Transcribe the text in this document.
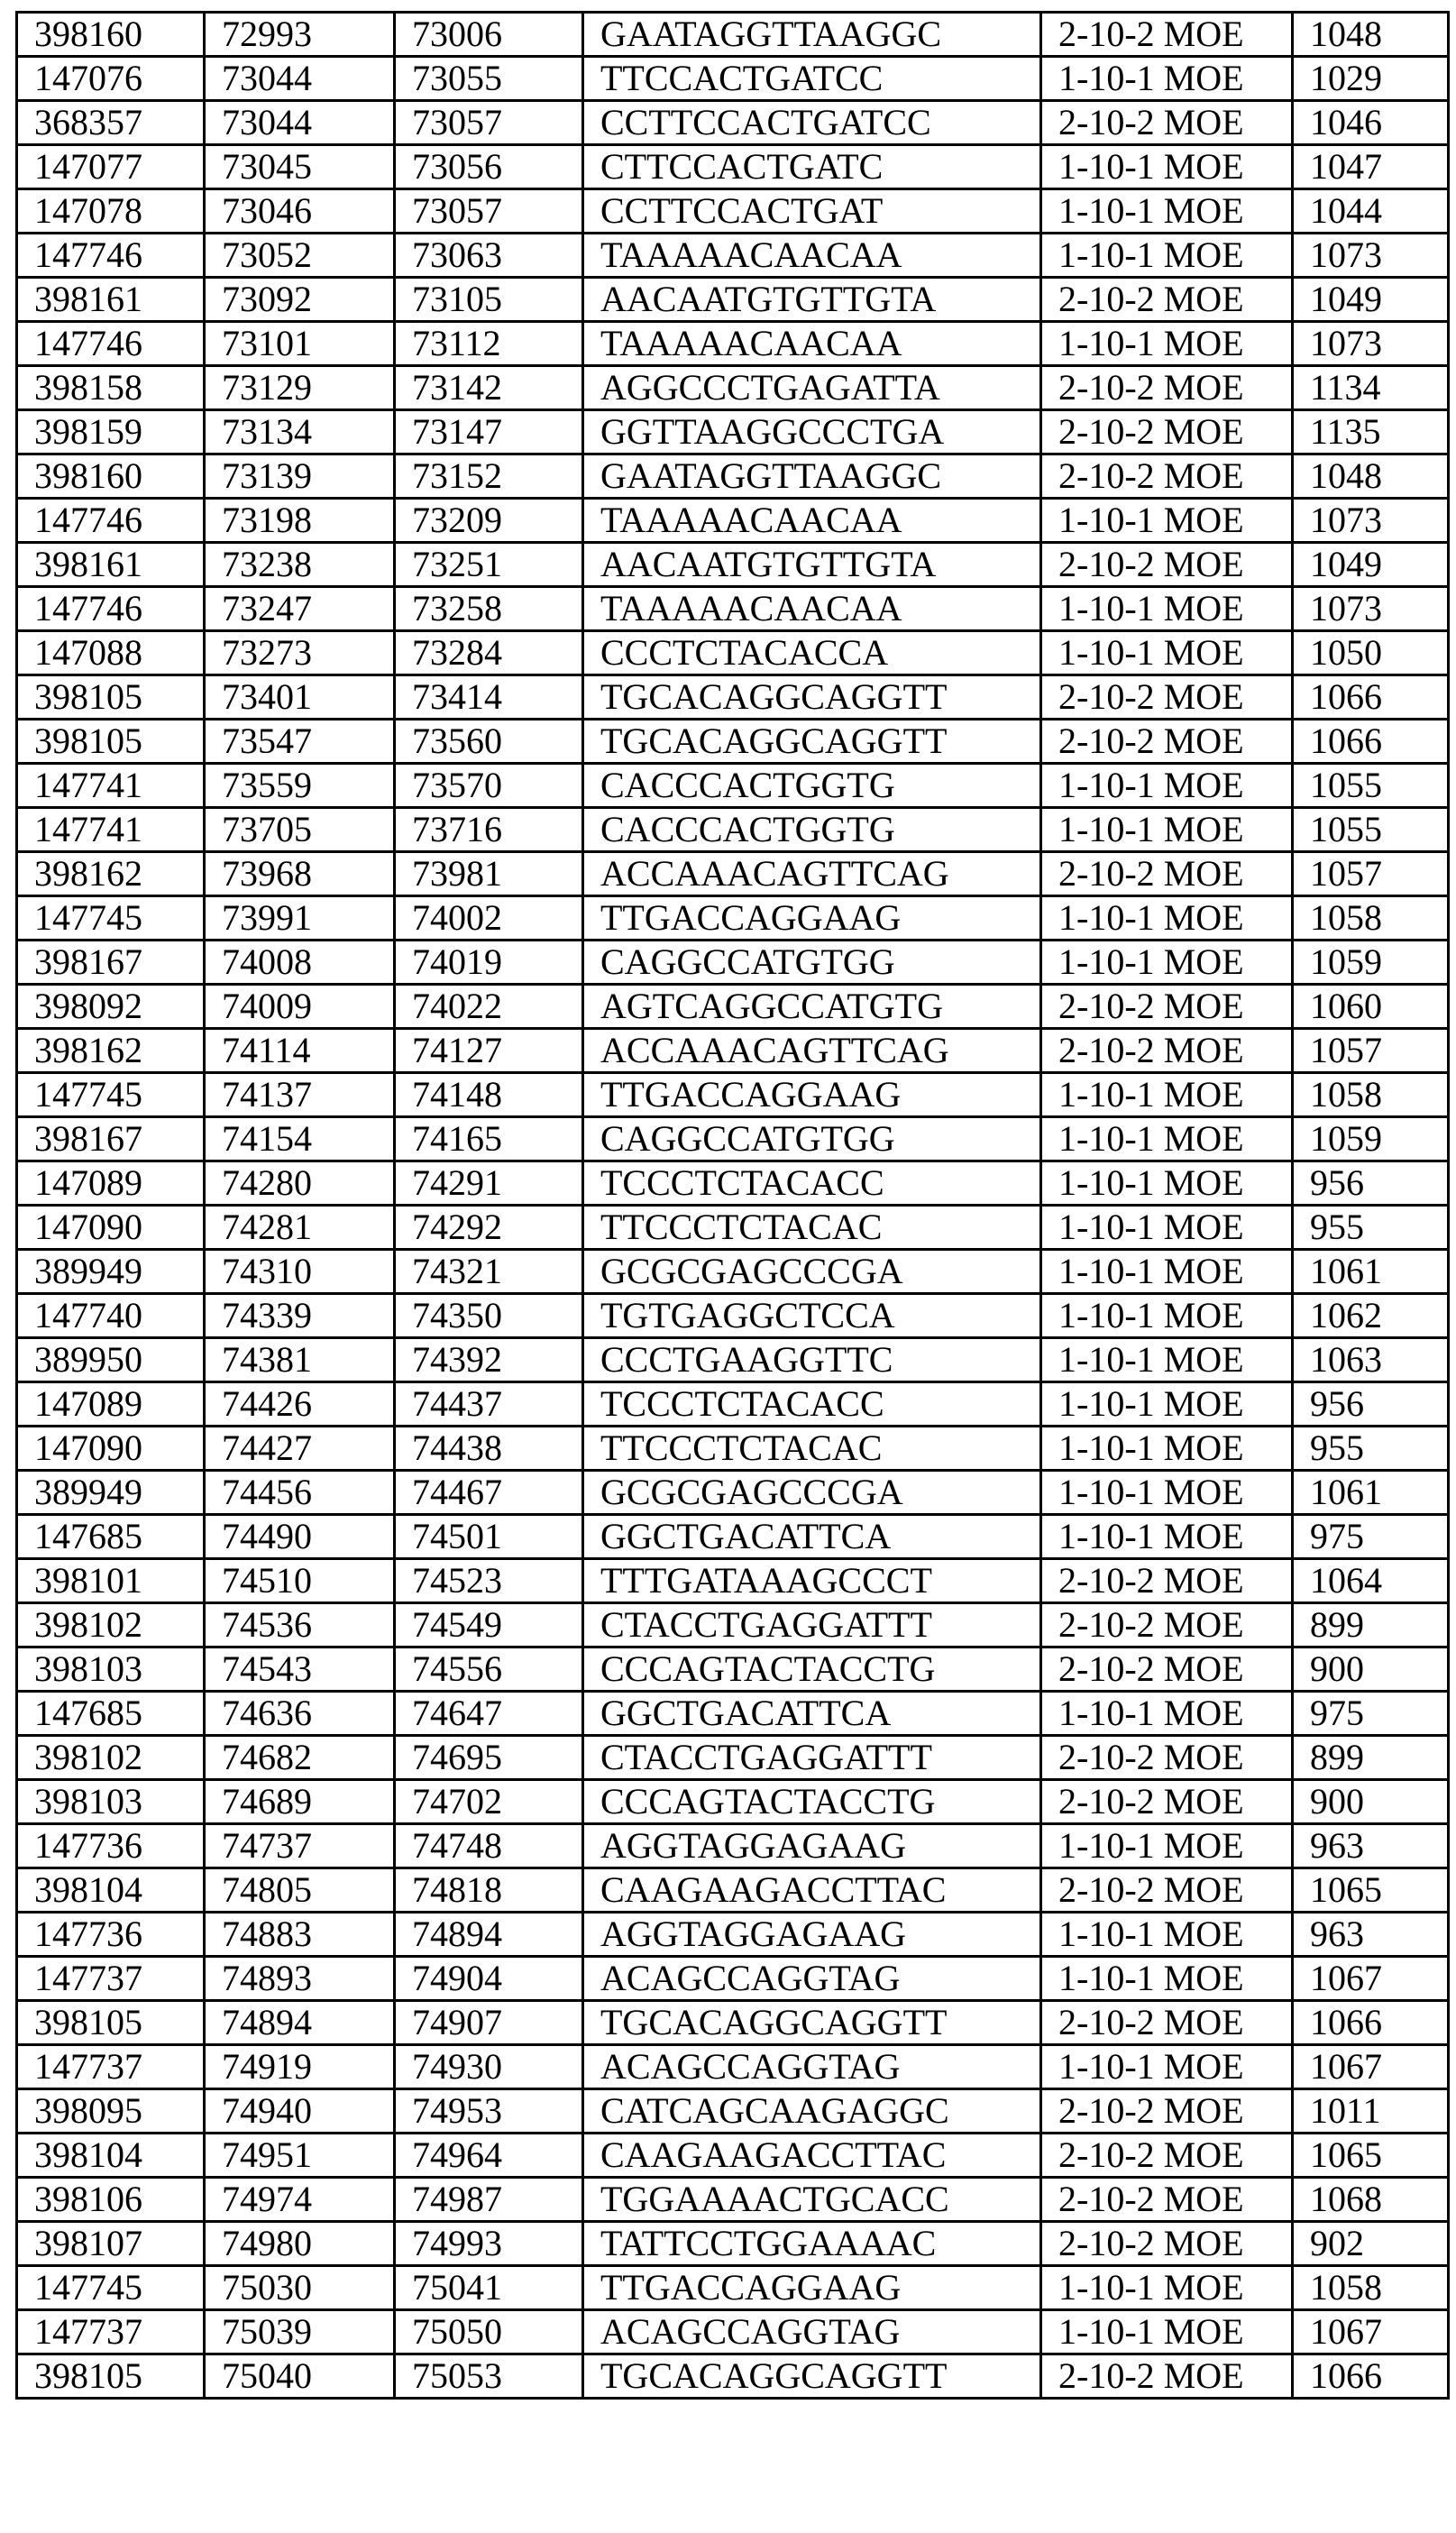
398160	72993	73006	GAATAGGTTAAGGC	2-10-2 MOE	1048
147076	73044	73055	TTCCACTGATCC	1-10-1 MOE	1029
368357	73044	73057	CCTTCCACTGATCC	2-10-2 MOE	1046
147077	73045	73056	CTTCCACTGATC	1-10-1 MOE	1047
147078	73046	73057	CCTTCCACTGAT	1-10-1 MOE	1044
147746	73052	73063	TAAAAACAACAA	1-10-1 MOE	1073
398161	73092	73105	AACAATGTGTTGTA	2-10-2 MOE	1049
147746	73101	73112	TAAAAACAACAA	1-10-1 MOE	1073
398158	73129	73142	AGGCCCTGAGATTA	2-10-2 MOE	1134
398159	73134	73147	GGTTAAGGCCCTGA	2-10-2 MOE	1135
398160	73139	73152	GAATAGGTTAAGGC	2-10-2 MOE	1048
147746	73198	73209	TAAAAACAACAA	1-10-1 MOE	1073
398161	73238	73251	AACAATGTGTTGTA	2-10-2 MOE	1049
147746	73247	73258	TAAAAACAACAA	1-10-1 MOE	1073
147088	73273	73284	CCCTCTACACCA	1-10-1 MOE	1050
398105	73401	73414	TGCACAGGCAGGTT	2-10-2 MOE	1066
398105	73547	73560	TGCACAGGCAGGTT	2-10-2 MOE	1066
147741	73559	73570	CACCCACTGGTG	1-10-1 MOE	1055
147741	73705	73716	CACCCACTGGTG	1-10-1 MOE	1055
398162	73968	73981	ACCAAACAGTTCAG	2-10-2 MOE	1057
147745	73991	74002	TTGACCAGGAAG	1-10-1 MOE	1058
398167	74008	74019	CAGGCCATGTGG	1-10-1 MOE	1059
398092	74009	74022	AGTCAGGCCATGTG	2-10-2 MOE	1060
398162	74114	74127	ACCAAACAGTTCAG	2-10-2 MOE	1057
147745	74137	74148	TTGACCAGGAAG	1-10-1 MOE	1058
398167	74154	74165	CAGGCCATGTGG	1-10-1 MOE	1059
147089	74280	74291	TCCCTCTACACC	1-10-1 MOE	956
147090	74281	74292	TTCCCTCTACAC	1-10-1 MOE	955
389949	74310	74321	GCGCGAGCCCGA	1-10-1 MOE	1061
147740	74339	74350	TGTGAGGCTCCA	1-10-1 MOE	1062
389950	74381	74392	CCCTGAAGGTTC	1-10-1 MOE	1063
147089	74426	74437	TCCCTCTACACC	1-10-1 MOE	956
147090	74427	74438	TTCCCTCTACAC	1-10-1 MOE	955
389949	74456	74467	GCGCGAGCCCGA	1-10-1 MOE	1061
147685	74490	74501	GGCTGACATTCA	1-10-1 MOE	975
398101	74510	74523	TTTGATAAAGCCCT	2-10-2 MOE	1064
398102	74536	74549	CTACCTGAGGATTT	2-10-2 MOE	899
398103	74543	74556	CCCAGTACTACCTG	2-10-2 MOE	900
147685	74636	74647	GGCTGACATTCA	1-10-1 MOE	975
398102	74682	74695	CTACCTGAGGATTT	2-10-2 MOE	899
398103	74689	74702	CCCAGTACTACCTG	2-10-2 MOE	900
147736	74737	74748	AGGTAGGAGAAG	1-10-1 MOE	963
398104	74805	74818	CAAGAAGACCTTAC	2-10-2 MOE	1065
147736	74883	74894	AGGTAGGAGAAG	1-10-1 MOE	963
147737	74893	74904	ACAGCCAGGTAG	1-10-1 MOE	1067
398105	74894	74907	TGCACAGGCAGGTT	2-10-2 MOE	1066
147737	74919	74930	ACAGCCAGGTAG	1-10-1 MOE	1067
398095	74940	74953	CATCAGCAAGAGGC	2-10-2 MOE	1011
398104	74951	74964	CAAGAAGACCTTAC	2-10-2 MOE	1065
398106	74974	74987	TGGAAAACTGCACC	2-10-2 MOE	1068
398107	74980	74993	TATTCCTGGAAAAC	2-10-2 MOE	902
147745	75030	75041	TTGACCAGGAAG	1-10-1 MOE	1058
147737	75039	75050	ACAGCCAGGTAG	1-10-1 MOE	1067
398105	75040	75053	TGCACAGGCAGGTT	2-10-2 MOE	1066
